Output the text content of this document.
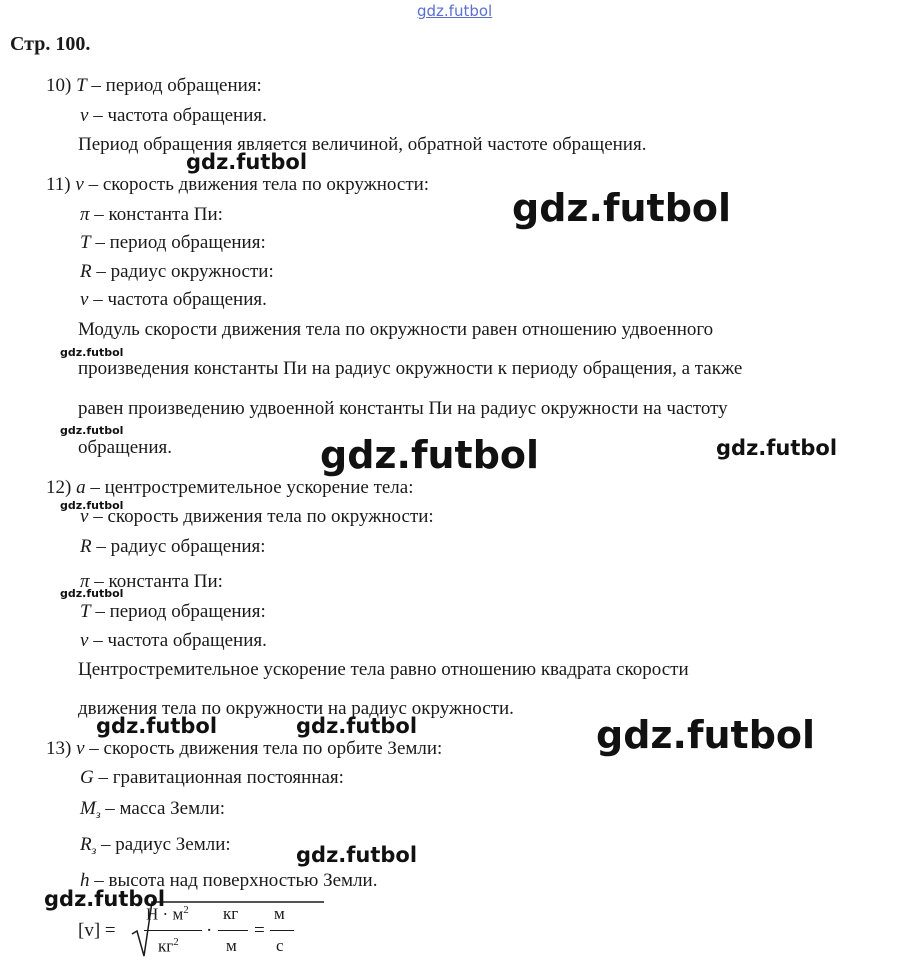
gdz.futbol
Стр. 100.
10) T – период обращения:
ν – частота обращения.
Период обращения является величиной, обратной частоте обращения.
11) v – скорость движения тела по окружности:
π – константа Пи:
T – период обращения:
R – радиус окружности:
ν – частота обращения.
Модуль скорости движения тела по окружности равен отношению удвоенного
произведения константы Пи на радиус окружности к периоду обращения, а также
равен произведению удвоенной константы Пи на радиус окружности на частоту
обращения.
12) a – центростремительное ускорение тела:
v – скорость движения тела по окружности:
R – радиус обращения:
π – константа Пи:
T – период обращения:
ν – частота обращения.
Центростремительное ускорение тела равно отношению квадрата скорости
движения тела по окружности на радиус окружности.
13) v – скорость движения тела по орбите Земли:
G – гравитационная постоянная:
$M_з$ – масса Земли:
$R_з$ – радиус Земли:
h – высота над поверхностью Земли.
[v] =
$Н \cdot м^2$
$кг^2$
·
кг
м
=
м
с
gdz.futbol
gdz.futbol
gdz.futbol
gdz.futbol
gdz.futbol	gdz.futbol
gdz.futbol
gdz.futbol
gdz.futbol	gdz.futbol	gdz.futbol
gdz.futbol
gdz.futbol
